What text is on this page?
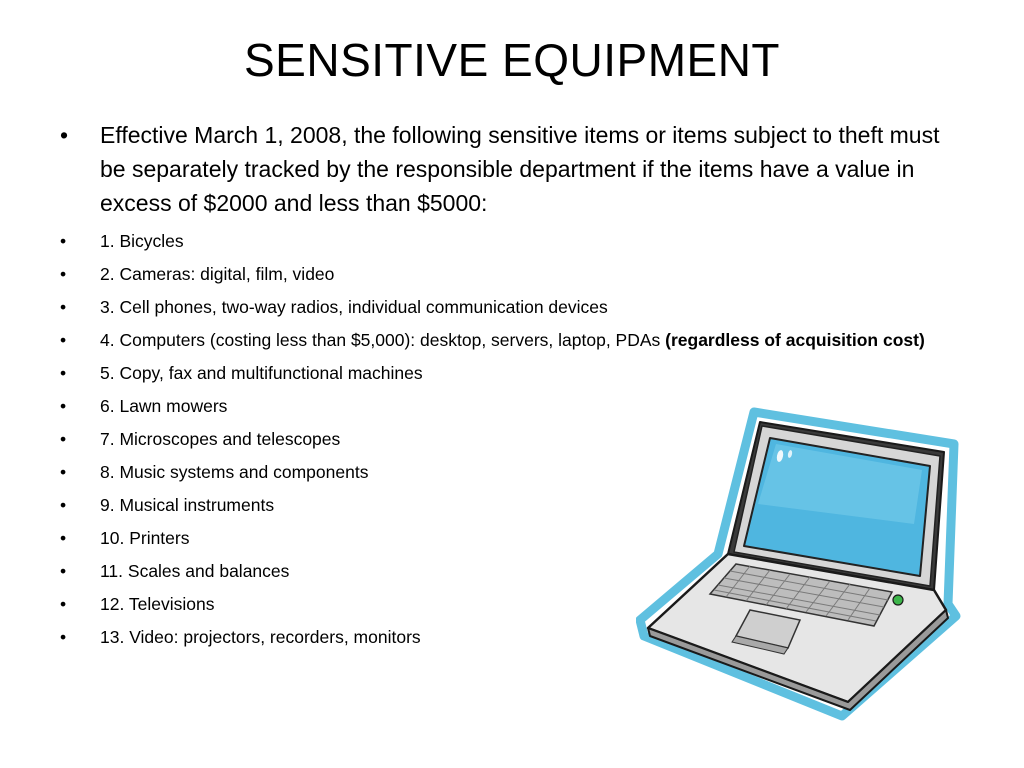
SENSITIVE EQUIPMENT
• Effective March 1, 2008, the following sensitive items or items subject to theft must be separately tracked by the responsible department if the items have a value in excess of $2000 and less than $5000:
• 1. Bicycles
• 2. Cameras: digital, film, video
• 3. Cell phones, two-way radios, individual communication devices
• 4. Computers (costing less than $5,000): desktop, servers, laptop, PDAs (regardless of acquisition cost)
• 5. Copy, fax and multifunctional machines
• 6. Lawn mowers
• 7. Microscopes and telescopes
• 8. Music systems and components
• 9. Musical instruments
• 10. Printers
• 11. Scales and balances
• 12. Televisions
• 13. Video: projectors, recorders, monitors
